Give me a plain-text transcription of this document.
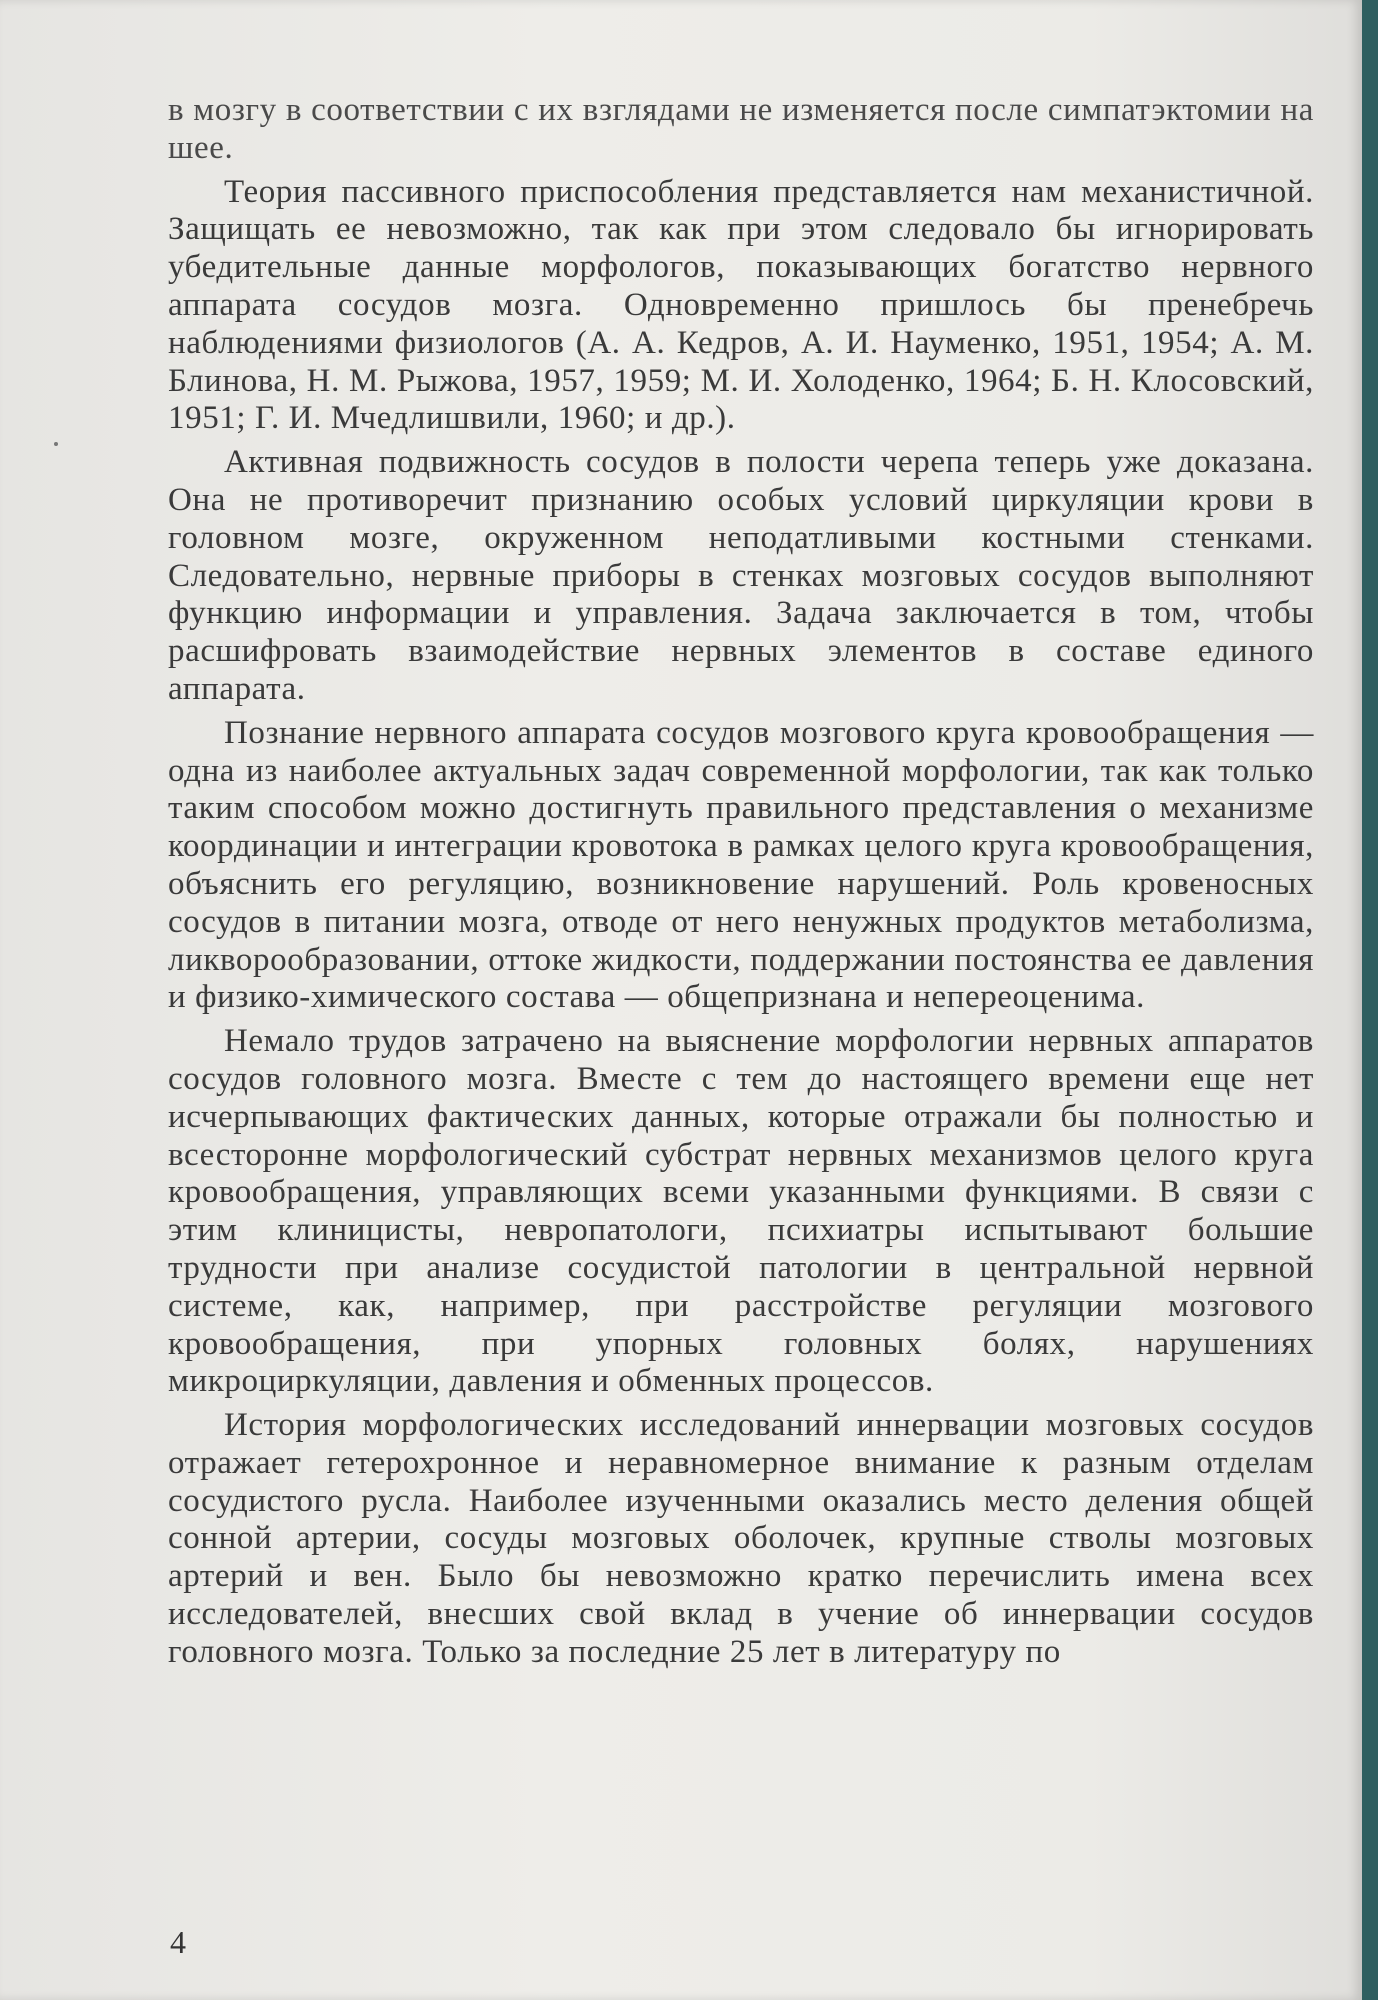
в мозгу в соответствии с их взглядами не изменяется после симпатэктомии на шее.

Теория пассивного приспособления представляется нам механистичной. Защищать ее невозможно, так как при этом следовало бы игнорировать убедительные данные морфологов, показывающих богатство нервного аппарата сосудов мозга. Одновременно пришлось бы пренебречь наблюдениями физиологов (А. А. Кедров, А. И. Науменко, 1951, 1954; А. М. Блинова, Н. М. Рыжова, 1957, 1959; М. И. Холоденко, 1964; Б. Н. Клосовский, 1951; Г. И. Мчедлишвили, 1960; и др.).

Активная подвижность сосудов в полости черепа теперь уже доказана. Она не противоречит признанию особых условий циркуляции крови в головном мозге, окруженном неподатливыми костными стенками. Следовательно, нервные приборы в стенках мозговых сосудов выполняют функцию информации и управления. Задача заключается в том, чтобы расшифровать взаимодействие нервных элементов в составе единого аппарата.

Познание нервного аппарата сосудов мозгового круга кровообращения — одна из наиболее актуальных задач современной морфологии, так как только таким способом можно достигнуть правильного представления о механизме координации и интеграции кровотока в рамках целого круга кровообращения, объяснить его регуляцию, возникновение нарушений. Роль кровеносных сосудов в питании мозга, отводе от него ненужных продуктов метаболизма, ликворообразовании, оттоке жидкости, поддержании постоянства ее давления и физико-химического состава — общепризнана и непереоценима.

Немало трудов затрачено на выяснение морфологии нервных аппаратов сосудов головного мозга. Вместе с тем до настоящего времени еще нет исчерпывающих фактических данных, которые отражали бы полностью и всесторонне морфологический субстрат нервных механизмов целого круга кровообращения, управляющих всеми указанными функциями. В связи с этим клиницисты, невропатологи, психиатры испытывают большие трудности при анализе сосудистой патологии в центральной нервной системе, как, например, при расстройстве регуляции мозгового кровообращения, при упорных головных болях, нарушениях микроциркуляции, давления и обменных процессов.

История морфологических исследований иннервации мозговых сосудов отражает гетерохронное и неравномерное внимание к разным отделам сосудистого русла. Наиболее изученными оказались место деления общей сонной артерии, сосуды мозговых оболочек, крупные стволы мозговых артерий и вен. Было бы невозможно кратко перечислить имена всех исследователей, внесших свой вклад в учение об иннервации сосудов головного мозга. Только за последние 25 лет в литературу по

4
